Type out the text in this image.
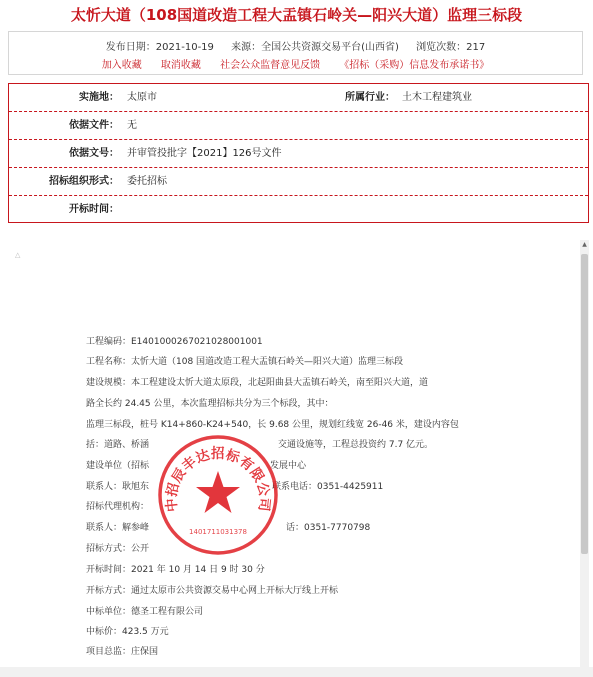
太忻大道（108国道改造工程大盂镇石岭关—阳兴大道）监理三标段
发布日期：2021-10-19 来源：全国公共资源交易平台(山西省) 浏览次数：217
加入收藏 取消收藏 社会公众监督意见反馈 《招标（采购）信息发布承诺书》
实施地： 太原市	所属行业： 土木工程建筑业
依据文件： 无
依据文号： 并审管投批字【2021】126号文件
招标组织形式： 委托招标
开标时间：
△
工程编码：E1401000267021028001001
工程名称：太忻大道（108 国道改造工程大盂镇石岭关—阳兴大道）监理三标段
建设规模：本工程建设太忻大道太原段，北起阳曲县大盂镇石岭关，南至阳兴大道，道
路全长约 24.45 公里，本次监理招标共分为三个标段，其中：
监理三标段，桩号 K14+860-K24+540，长 9.68 公里，规划红线宽 26-46 米，建设内容包
括：道路、桥涵	交通设施等，工程总投资约 7.7 亿元。
建设单位（招标	发展中心
联系人：耿旭东	联系电话：0351-4425911
招标代理机构：
联系人：解参峰	话：0351-7770798
招标方式：公开
开标时间：2021 年 10 月 14 日 9 时 30 分
开标方式：通过太原市公共资源交易中心网上开标大厅线上开标
中标单位：德圣工程有限公司
中标价：423.5 万元
项目总监：庄保国
中招辰丰达招标有限公司
1401711031378
▲
